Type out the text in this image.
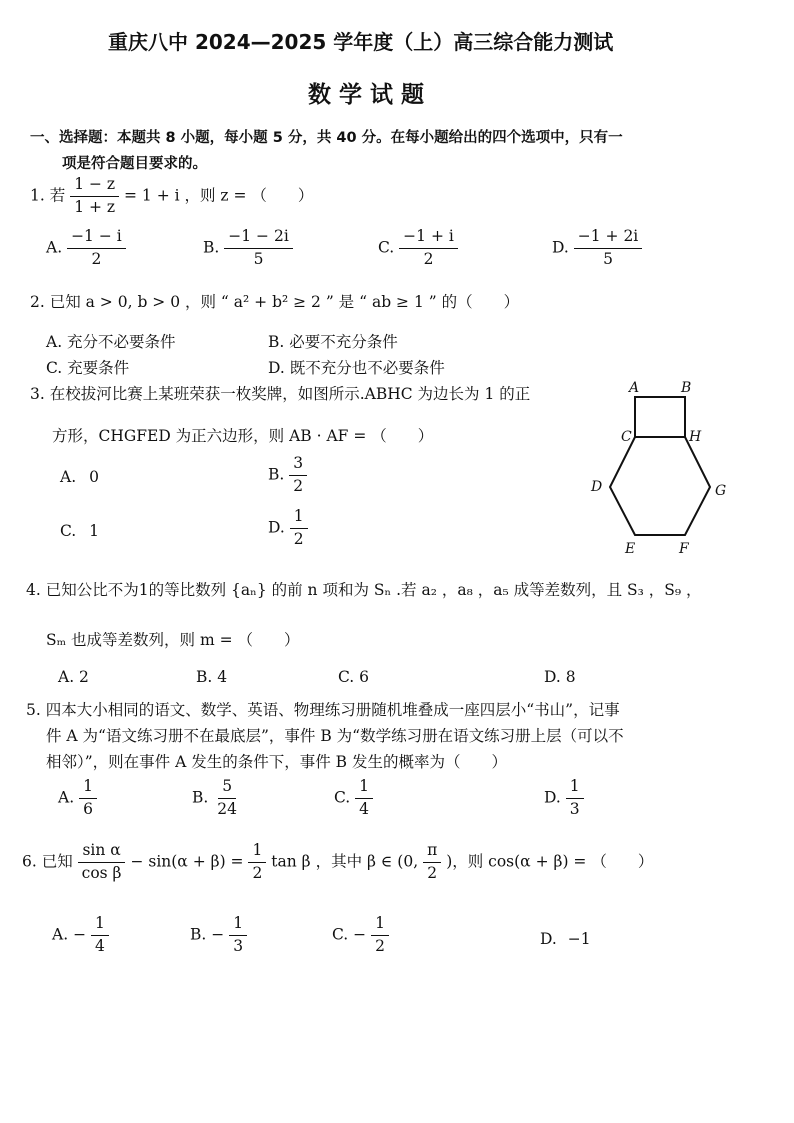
重庆八中 2024—2025 学年度（上）高三综合能力测试
数 学 试 题
一、选择题：本题共 8 小题，每小题 5 分，共 40 分。在每小题给出的四个选项中，只有一
项是符合题目要求的。
1. 若 $\frac{1 - z}{1 + z} = 1 + i$ ，则 z = （　　）
A. $\frac{-1 - i}{2}$	B. $\frac{-1 - 2i}{5}$	C. $\frac{-1 + i}{2}$	D. $\frac{-1 + 2i}{5}$
2. 已知 a > 0, b > 0 ，则 “ a² + b² ≥ 2 ” 是 “ ab ≥ 1 ” 的（　　）
A. 充分不必要条件	B. 必要不充分条件
C. 充要条件	D. 既不充分也不必要条件
3. 在校拔河比赛上某班荣获一枚奖牌，如图所示.ABHC 为边长为 1 的正
方形，CHGFED 为正六边形，则 AB · AF = （　　）
A. 0	B. $\frac{3}{2}$
C. 1	D. $\frac{1}{2}$
A	B
C	H
D	G
E	F
4. 已知公比不为1的等比数列 {aₙ} 的前 n 项和为 Sₙ .若 a₂ ，a₈ ，a₅ 成等差数列，且 S₃ ，S₉ ，
Sₘ 也成等差数列，则 m = （　　）
A. 2	B. 4	C. 6	D. 8
5. 四本大小相同的语文、数学、英语、物理练习册随机堆叠成一座四层小“书山”，记事
件 A 为“语文练习册不在最底层”，事件 B 为“数学练习册在语文练习册上层（可以不
相邻）”，则在事件 A 发生的条件下，事件 B 发生的概率为（　　）
A. $\frac{1}{6}$	B. $\frac{5}{24}$	C. $\frac{1}{4}$	D. $\frac{1}{3}$
6. 已知 $\frac{\text{sin α}}{\text{cos β}} - \sin(\alpha + \beta) = \frac{1}{2}$ tan β ，其中 β ∈ (0, $\frac{\pi}{2}$ )，则 cos(α + β) = （　　）
A. − $\frac{1}{4}$	B. − $\frac{1}{3}$	C. − $\frac{1}{2}$	D. −1
